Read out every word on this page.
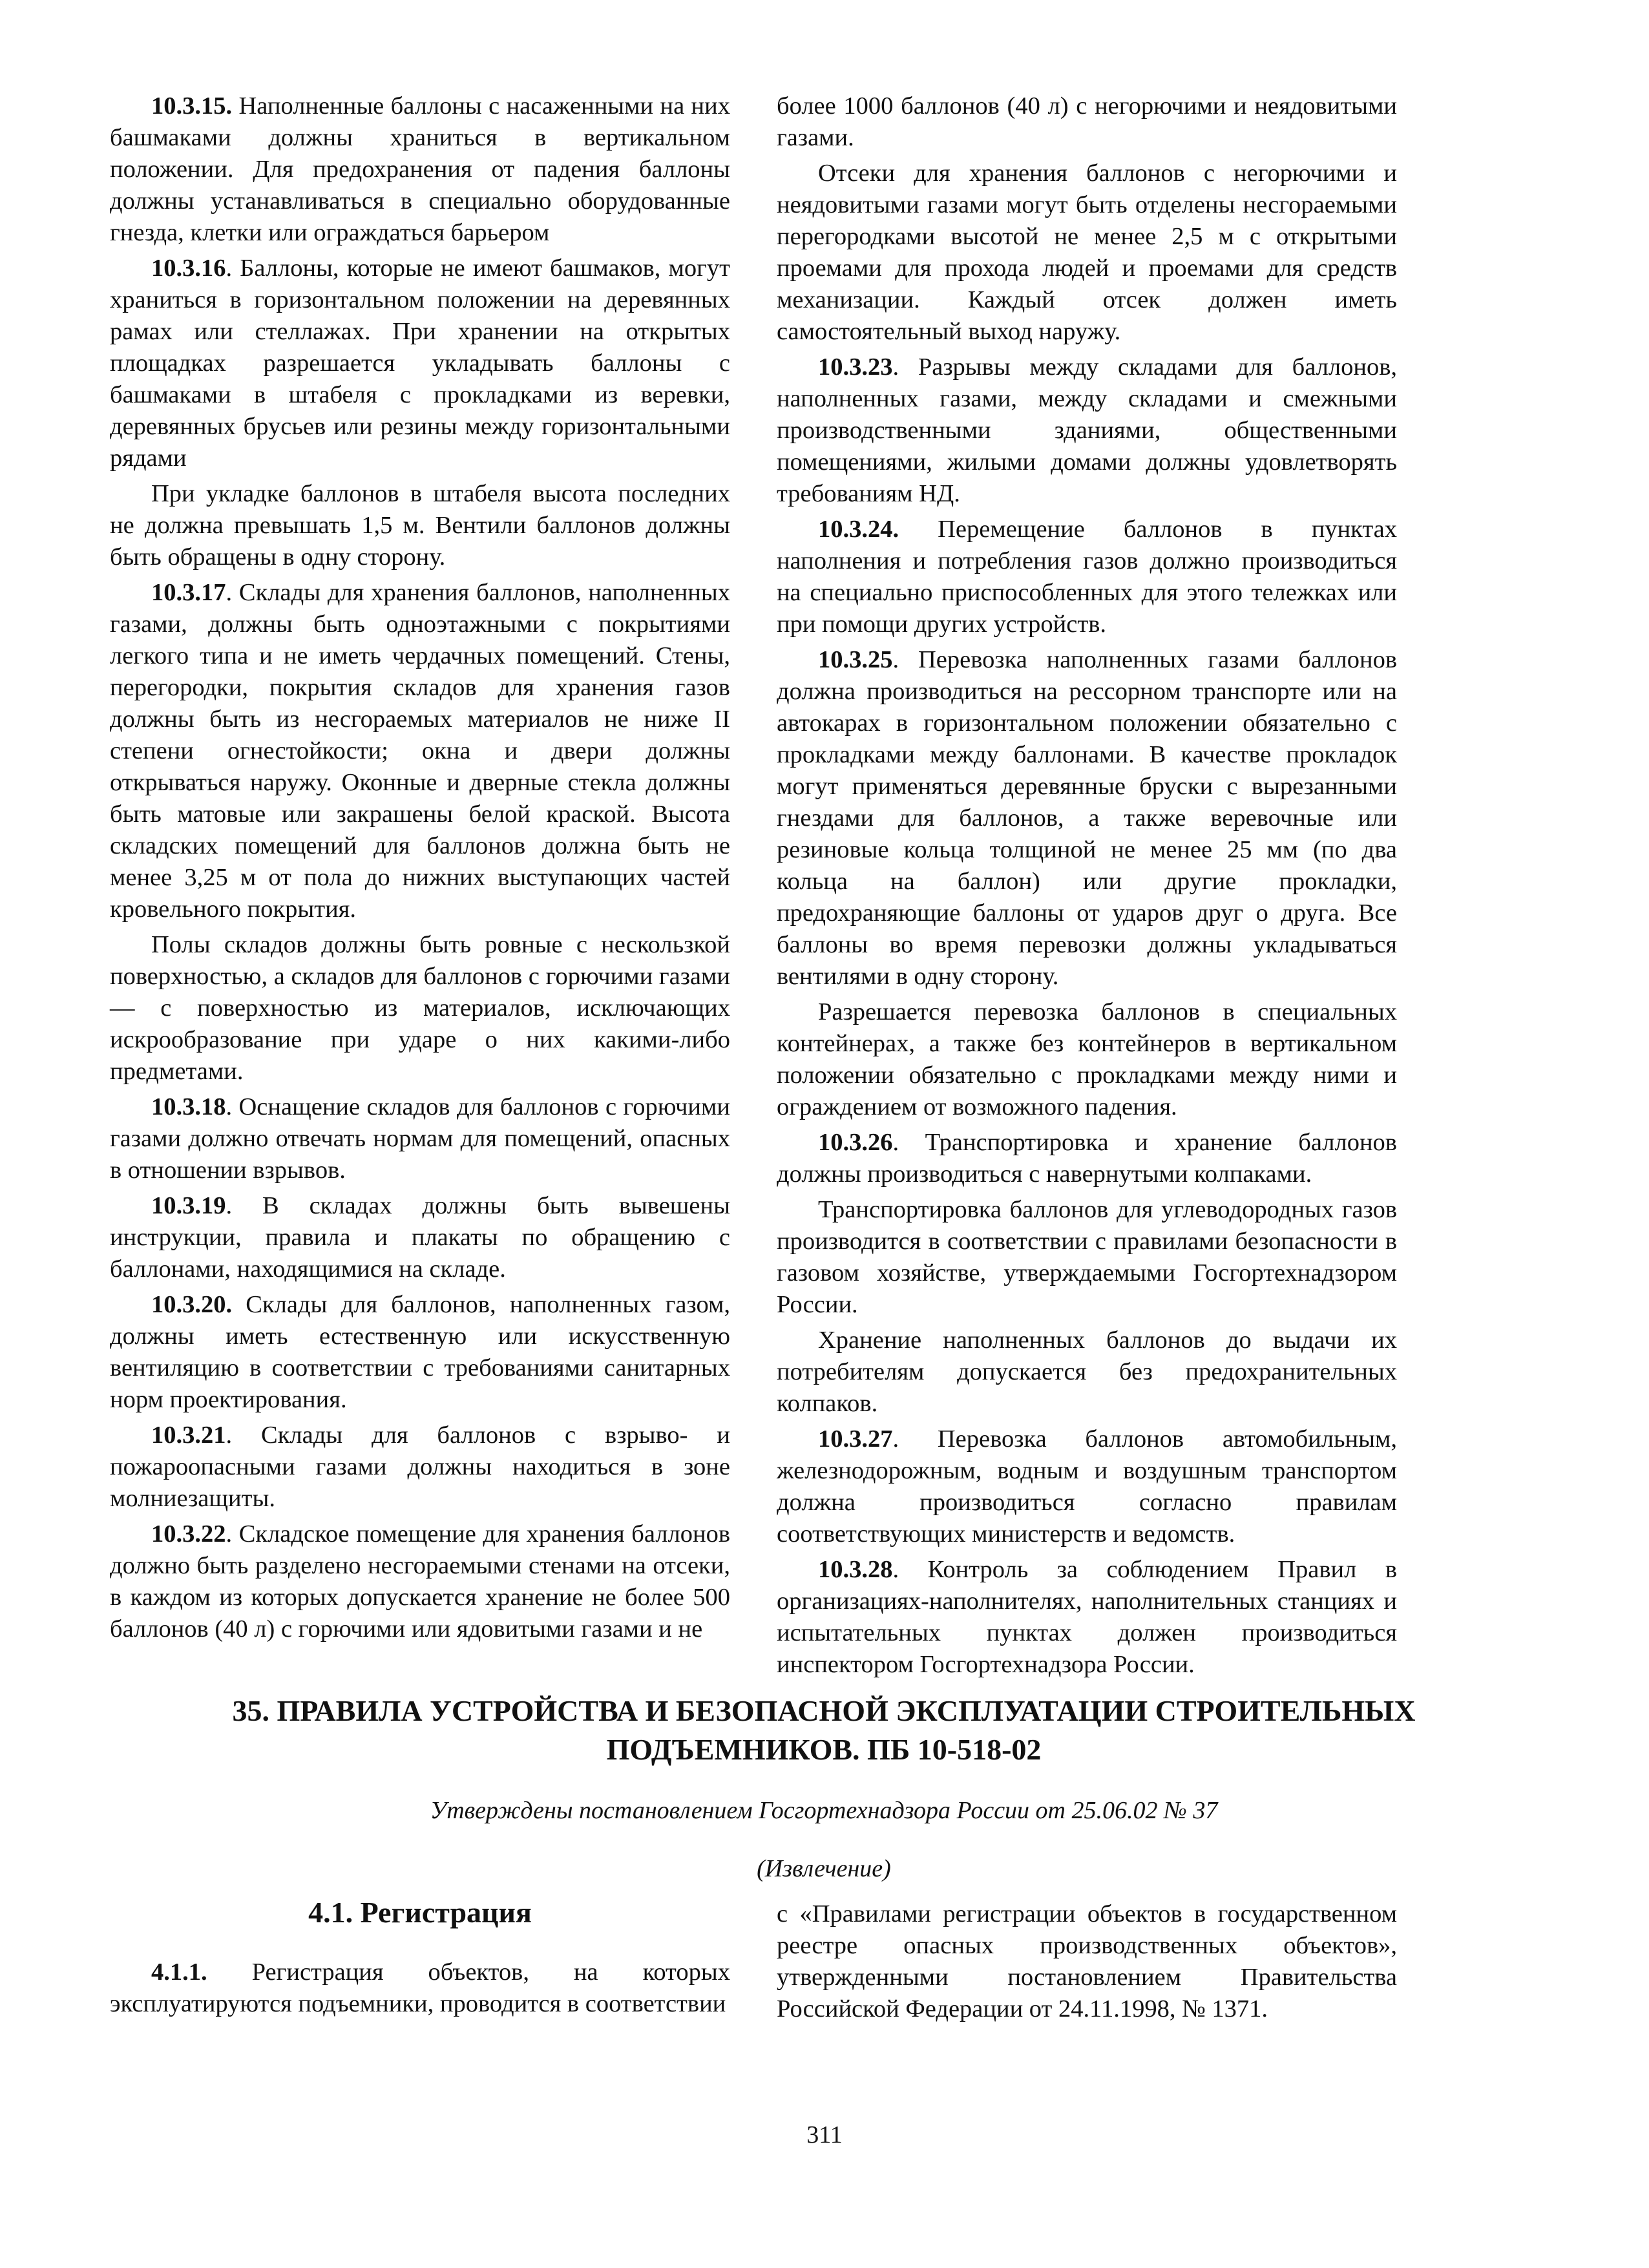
10.3.15. Наполненные баллоны с насаженными на них башмаками должны храниться в вертикальном положении. Для предохранения от падения баллоны должны устанавливаться в специально оборудованные гнезда, клетки или ограждаться барьером

10.3.16. Баллоны, которые не имеют башмаков, могут храниться в горизонтальном положении на деревянных рамах или стеллажах. При хранении на открытых площадках разрешается укладывать баллоны с башмаками в штабеля с прокладками из веревки, деревянных брусьев или резины между горизонтальными рядами

При укладке баллонов в штабеля высота последних не должна превышать 1,5 м. Вентили баллонов должны быть обращены в одну сторону.

10.3.17. Склады для хранения баллонов, наполненных газами, должны быть одноэтажными с покрытиями легкого типа и не иметь чердачных помещений. Стены, перегородки, покрытия складов для хранения газов должны быть из несгораемых материалов не ниже II степени огнестойкости; окна и двери должны открываться наружу. Оконные и дверные стекла должны быть матовые или закрашены белой краской. Высота складских помещений для баллонов должна быть не менее 3,25 м от пола до нижних выступающих частей кровельного покрытия.

Полы складов должны быть ровные с нескользкой поверхностью, а складов для баллонов с горючими газами — с поверхностью из материалов, исключающих искрообразование при ударе о них какими-либо предметами.

10.3.18. Оснащение складов для баллонов с горючими газами должно отвечать нормам для помещений, опасных в отношении взрывов.

10.3.19. В складах должны быть вывешены инструкции, правила и плакаты по обращению с баллонами, находящимися на складе.

10.3.20. Склады для баллонов, наполненных газом, должны иметь естественную или искусственную вентиляцию в соответствии с требованиями санитарных норм проектирования.

10.3.21. Склады для баллонов с взрыво- и пожароопасными газами должны находиться в зоне молниезащиты.

10.3.22. Складское помещение для хранения баллонов должно быть разделено несгораемыми стенами на отсеки, в каждом из которых допускается хранение не более 500 баллонов (40 л) с горючими или ядовитыми газами и не

более 1000 баллонов (40 л) с негорючими и неядовитыми газами.

Отсеки для хранения баллонов с негорючими и неядовитыми газами могут быть отделены несгораемыми перегородками высотой не менее 2,5 м с открытыми проемами для прохода людей и проемами для средств механизации. Каждый отсек должен иметь самостоятельный выход наружу.

10.3.23. Разрывы между складами для баллонов, наполненных газами, между складами и смежными производственными зданиями, общественными помещениями, жилыми домами должны удовлетворять требованиям НД.

10.3.24. Перемещение баллонов в пунктах наполнения и потребления газов должно производиться на специально приспособленных для этого тележках или при помощи других устройств.

10.3.25. Перевозка наполненных газами баллонов должна производиться на рессорном транспорте или на автокарах в горизонтальном положении обязательно с прокладками между баллонами. В качестве прокладок могут применяться деревянные бруски с вырезанными гнездами для баллонов, а также веревочные или резиновые кольца толщиной не менее 25 мм (по два кольца на баллон) или другие прокладки, предохраняющие баллоны от ударов друг о друга. Все баллоны во время перевозки должны укладываться вентилями в одну сторону.

Разрешается перевозка баллонов в специальных контейнерах, а также без контейнеров в вертикальном положении обязательно с прокладками между ними и ограждением от возможного падения.

10.3.26. Транспортировка и хранение баллонов должны производиться с навернутыми колпаками.

Транспортировка баллонов для углеводородных газов производится в соответствии с правилами безопасности в газовом хозяйстве, утверждаемыми Госгортехнадзором России.

Хранение наполненных баллонов до выдачи их потребителям допускается без предохранительных колпаков.

10.3.27. Перевозка баллонов автомобильным, железнодорожным, водным и воздушным транспортом должна производиться согласно правилам соответствующих министерств и ведомств.

10.3.28. Контроль за соблюдением Правил в организациях-наполнителях, наполнительных станциях и испытательных пунктах должен производиться инспектором Госгортехнадзора России.

35. ПРАВИЛА УСТРОЙСТВА И БЕЗОПАСНОЙ ЭКСПЛУАТАЦИИ СТРОИТЕЛЬНЫХ ПОДЪЕМНИКОВ. ПБ 10-518-02
Утверждены постановлением Госгортехнадзора России от 25.06.02 № 37
(Извлечение)
4.1. Регистрация

4.1.1. Регистрация объектов, на которых эксплуатируются подъемники, проводится в соответствии

с «Правилами регистрации объектов в государственном реестре опасных производственных объектов», утвержденными постановлением Правительства Российской Федерации от 24.11.1998, № 1371.

311
